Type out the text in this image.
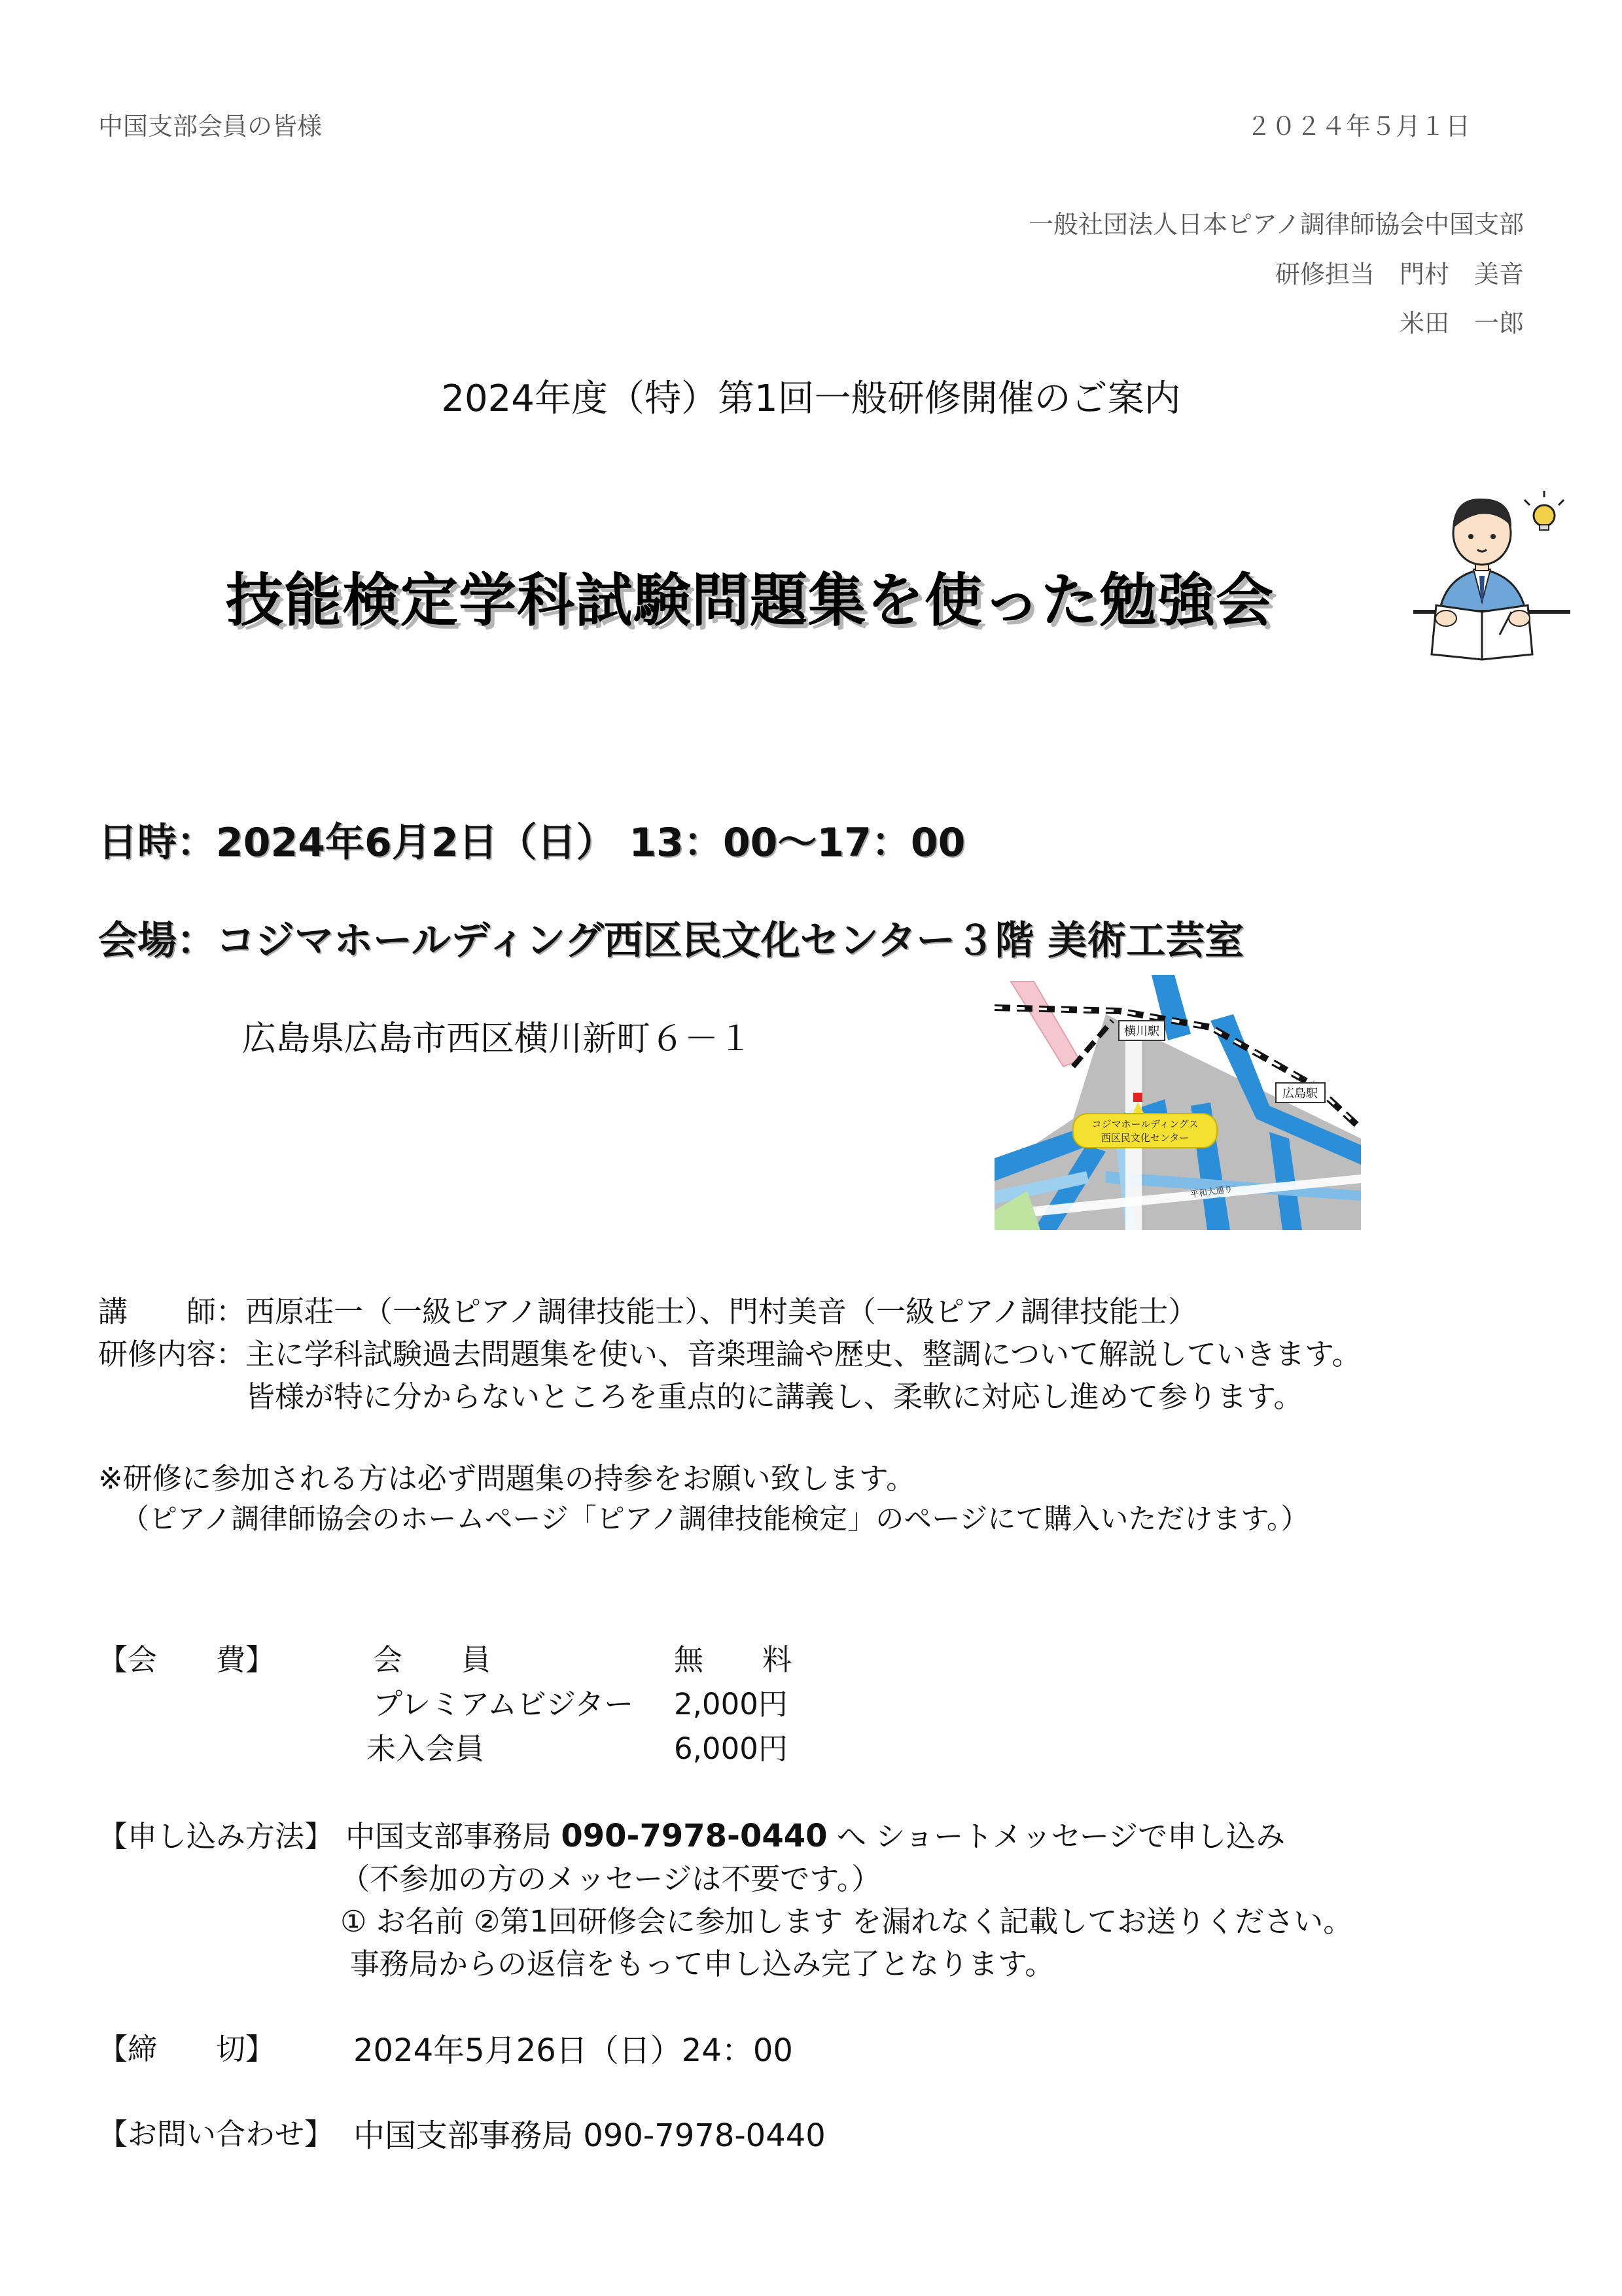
中国支部会員の皆様	２０２４年５月１日
一般社団法人日本ピアノ調律師協会中国支部
研修担当　門村　美音
米田　一郎
2024年度（特）第1回一般研修開催のご案内
技能検定学科試験問題集を使った勉強会
日時：2024年6月2日（日） 13：00～17：00
会場：コジマホールディング西区民文化センター３階 美術工芸室
広島県広島市西区横川新町６－１	横川駅
広島駅
コジマホールディングス
西区民文化センター
平和大通り
講　　師： 西原荘一（一級ピアノ調律技能士）、門村美音（一級ピアノ調律技能士）
研修内容： 主に学科試験過去問題集を使い、音楽理論や歴史、整調について解説していきます。
皆様が特に分からないところを重点的に講義し、柔軟に対応し進めて参ります。
※研修に参加される方は必ず問題集の持参をお願い致します。
（ピアノ調律師協会のホームページ「ピアノ調律技能検定」のページにて購入いただけます。）
【会　　費】	会　　員	無　　料
プレミアムビジター 2,000円
未入会員	6,000円
【申し込み方法】 中国支部事務局 090-7978-0440 へ ショートメッセージで申し込み
（不参加の方のメッセージは不要です。）
① お名前 ②第1回研修会に参加します を漏れなく記載してお送りください。
事務局からの返信をもって申し込み完了となります。
【締　　切】 2024年5月26日（日）24：00
【お問い合わせ】 中国支部事務局 090-7978-0440
